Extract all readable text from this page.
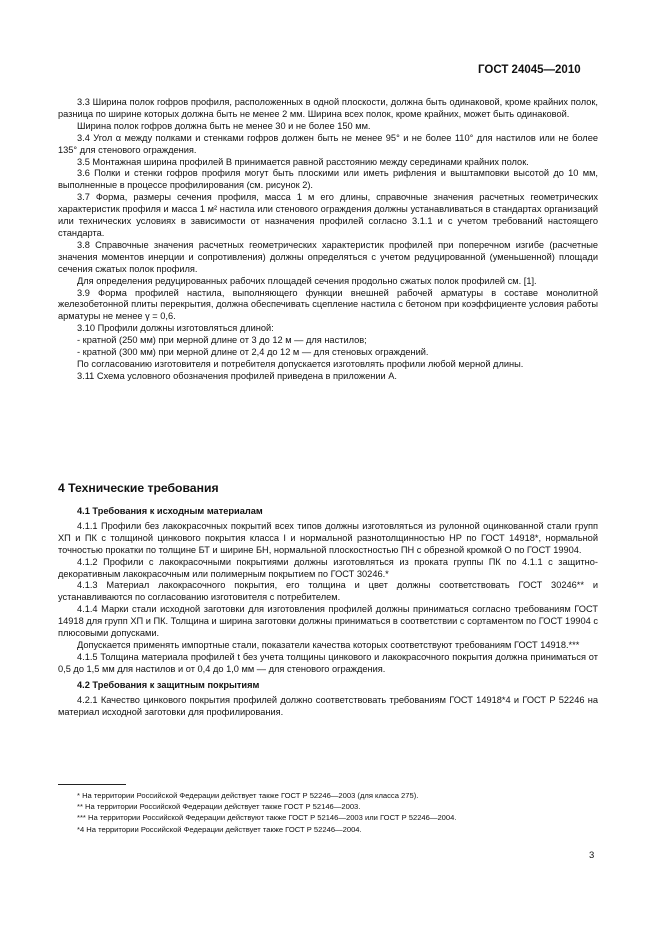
ГОСТ 24045—2010

3.3 Ширина полок гофров профиля, расположенных в одной плоскости, должна быть одинаковой, кроме крайних полок, разница по ширине которых должна быть не менее 2 мм. Ширина всех полок, кроме крайних, может быть одинаковой.

Ширина полок гофров должна быть не менее 30 и не более 150 мм.

3.4 Угол α между полками и стенками гофров должен быть не менее 95° и не более 110° для настилов или не более 135° для стенового ограждения.

3.5 Монтажная ширина профилей B принимается равной расстоянию между серединами крайних полок.

3.6 Полки и стенки гофров профиля могут быть плоскими или иметь рифления и выштамповки высотой до 10 мм, выполненные в процессе профилирования (см. рисунок 2).

3.7 Форма, размеры сечения профиля, масса 1 м его длины, справочные значения расчетных геометрических характеристик профиля и масса 1 м² настила или стенового ограждения должны устанавливаться в стандартах организаций или технических условиях в зависимости от назначения профилей согласно 3.1.1 и с учетом требований настоящего стандарта.

3.8 Справочные значения расчетных геометрических характеристик профилей при поперечном изгибе (расчетные значения моментов инерции и сопротивления) должны определяться с учетом редуцированной (уменьшенной) площади сечения сжатых полок профиля.

Для определения редуцированных рабочих площадей сечения продольно сжатых полок профилей см. [1].

3.9 Форма профилей настила, выполняющего функции внешней рабочей арматуры в составе монолитной железобетонной плиты перекрытия, должна обеспечивать сцепление настила с бетоном при коэффициенте условия работы арматуры не менее γ = 0,6.

3.10 Профили должны изготовляться длиной:

- кратной (250 мм) при мерной длине от 3 до 12 м — для настилов;

- кратной (300 мм) при мерной длине от 2,4 до 12 м — для стеновых ограждений.

По согласованию изготовителя и потребителя допускается изготовлять профили любой мерной длины.

3.11 Схема условного обозначения профилей приведена в приложении А.

4 Технические требования

4.1 Требования к исходным материалам

4.1.1 Профили без лакокрасочных покрытий всех типов должны изготовляться из рулонной оцинкованной стали групп ХП и ПК с толщиной цинкового покрытия класса I и нормальной разнотолщинностью НР по ГОСТ 14918*, нормальной точностью прокатки по толщине БТ и ширине БН, нормальной плоскостностью ПН с обрезной кромкой О по ГОСТ 19904.

4.1.2 Профили с лакокрасочными покрытиями должны изготовляться из проката группы ПК по 4.1.1 с защитно-декоративным лакокрасочным или полимерным покрытием по ГОСТ 30246.*

4.1.3 Материал лакокрасочного покрытия, его толщина и цвет должны соответствовать ГОСТ 30246** и устанавливаются по согласованию изготовителя с потребителем.

4.1.4 Марки стали исходной заготовки для изготовления профилей должны приниматься согласно требованиям ГОСТ 14918 для групп ХП и ПК. Толщина и ширина заготовки должны приниматься в соответствии с сортаментом по ГОСТ 19904 с плюсовыми допусками.

Допускается применять импортные стали, показатели качества которых соответствуют требованиям ГОСТ 14918.***

4.1.5 Толщина материала профилей t без учета толщины цинкового и лакокрасочного покрытия должна приниматься от 0,5 до 1,5 мм для настилов и от 0,4 до 1,0 мм — для стенового ограждения.

4.2 Требования к защитным покрытиям

4.2.1 Качество цинкового покрытия профилей должно соответствовать требованиям ГОСТ 14918*4 и ГОСТ Р 52246 на материал исходной заготовки для профилирования.

* На территории Российской Федерации действует также ГОСТ Р 52246—2003 (для класса 275).

** На территории Российской Федерации действует также ГОСТ Р 52146—2003.

*** На территории Российской Федерации действуют также ГОСТ Р 52146—2003 или ГОСТ Р 52246—2004.

*4 На территории Российской Федерации действует также ГОСТ Р 52246—2004.

3
